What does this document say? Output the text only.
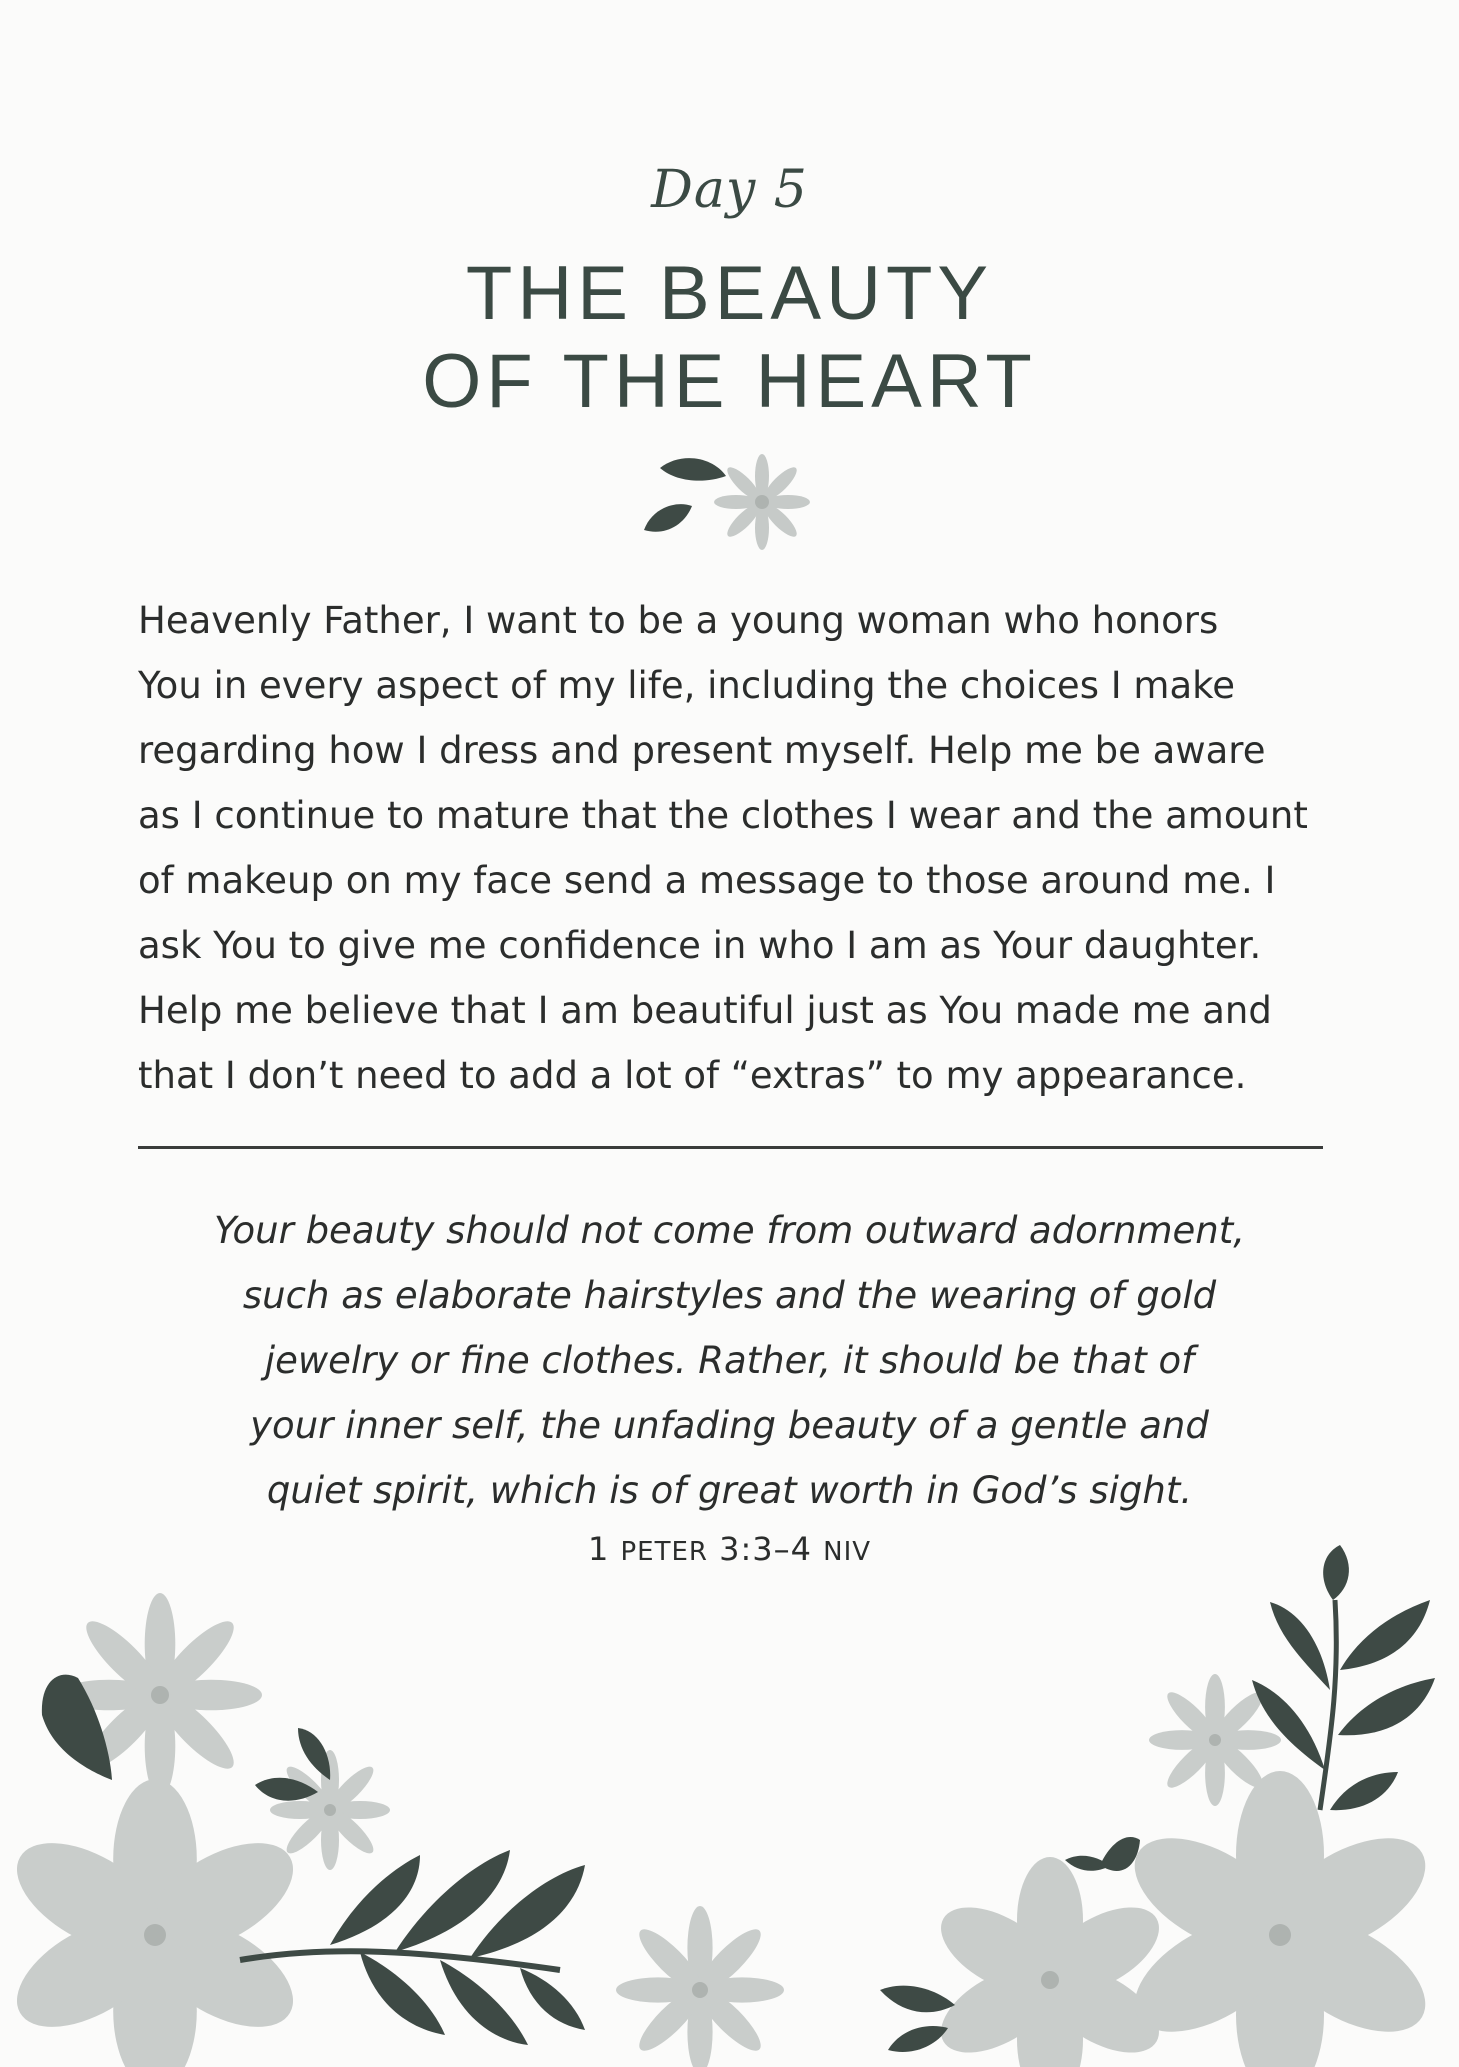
Day 5
THE BEAUTY
OF THE HEART
Heavenly Father, I want to be a young woman who honors
You in every aspect of my life, including the choices I make
regarding how I dress and present myself. Help me be aware
as I continue to mature that the clothes I wear and the amount
of makeup on my face send a message to those around me. I
ask You to give me confidence in who I am as Your daughter.
Help me believe that I am beautiful just as You made me and
that I don’t need to add a lot of “extras” to my appearance.
Your beauty should not come from outward adornment,
such as elaborate hairstyles and the wearing of gold
jewelry or fine clothes. Rather, it should be that of
your inner self, the unfading beauty of a gentle and
quiet spirit, which is of great worth in God’s sight.
1 PETER 3:3–4 NIV
